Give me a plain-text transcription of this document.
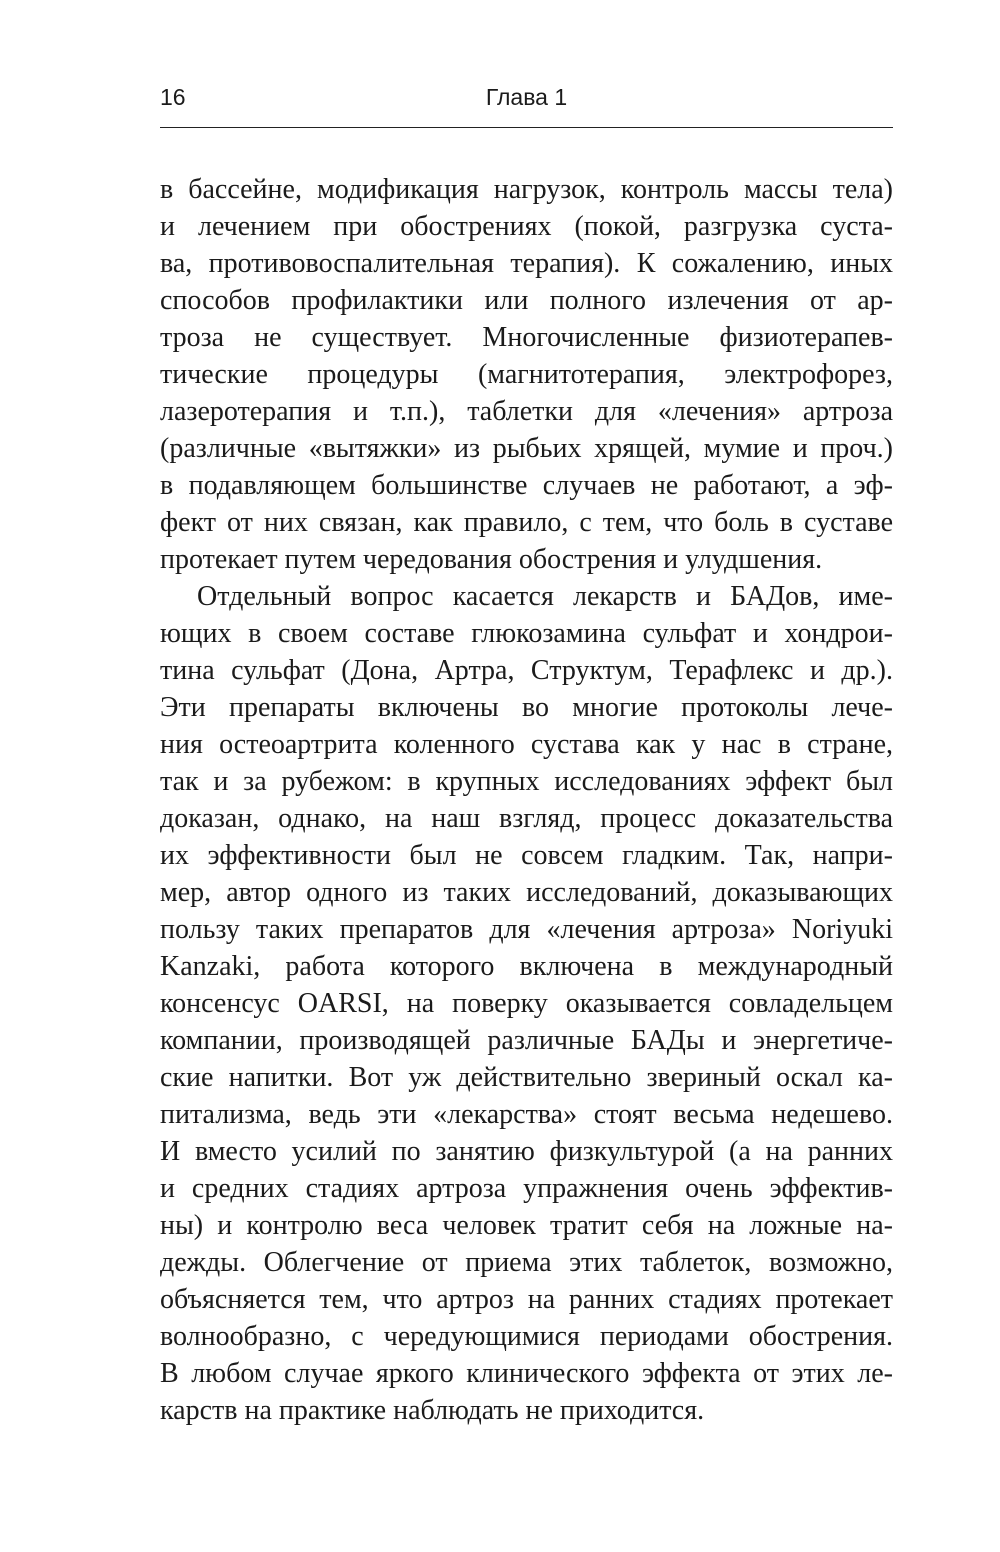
16	Глава 1
в бассейне, модификация нагрузок, контроль массы тела)
и лечением при обострениях (покой, разгрузка суста-
ва, противовоспалительная терапия). К сожалению, иных
способов профилактики или полного излечения от ар-
троза не существует. Многочисленные физиотерапев-
тические процедуры (магнитотерапия, электрофорез,
лазеротерапия и т.п.), таблетки для «лечения» артроза
(различные «вытяжки» из рыбьих хрящей, мумие и проч.)
в подавляющем большинстве случаев не работают, а эф-
фект от них связан, как правило, с тем, что боль в суставе
протекает путем чередования обострения и улудшения.
Отдельный вопрос касается лекарств и БАДов, име-
ющих в своем составе глюкозамина сульфат и хондрои-
тина сульфат (Дона, Артра, Структум, Терафлекс и др.).
Эти препараты включены во многие протоколы лече-
ния остеоартрита коленного сустава как у нас в стране,
так и за рубежом: в крупных исследованиях эффект был
доказан, однако, на наш взгляд, процесс доказательства
их эффективности был не совсем гладким. Так, напри-
мер, автор одного из таких исследований, доказывающих
пользу таких препаратов для «лечения артроза» Noriyuki
Kanzaki, работа которого включена в международный
консенсус OARSI, на поверку оказывается совладельцем
компании, производящей различные БАДы и энергетиче-
ские напитки. Вот уж действительно звериный оскал ка-
питализма, ведь эти «лекарства» стоят весьма недешево.
И вместо усилий по занятию физкультурой (а на ранних
и средних стадиях артроза упражнения очень эффектив-
ны) и контролю веса человек тратит себя на ложные на-
дежды. Облегчение от приема этих таблеток, возможно,
объясняется тем, что артроз на ранних стадиях протекает
волнообразно, с чередующимися периодами обострения.
В любом случае яркого клинического эффекта от этих ле-
карств на практике наблюдать не приходится.
